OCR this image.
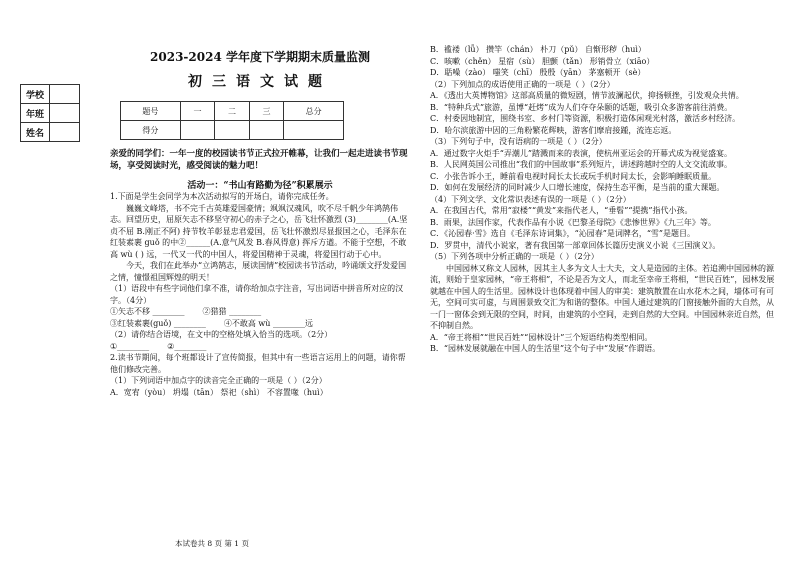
学校
年班
姓名
2023-2024 学年度下学期期末质量监测
初三语文试题
题号	一	二	三	总分
得分				
亲爱的同学们：一年一度的校园读书节正式拉开帷幕，让我们一起走进读书节现场，享受阅读时光，感受阅读的魅力吧！
活动一：“书山有路勤为径”积累展示

1.下面是学生会同学为本次活动拟写的开场白，请你完成任务。

巍巍文峰塔，书不完千古英雄爱国豪情；飒飒汉魂风，吹不尽千帆少年鸿鹄伟志。回望历史，屈原矢志不移坚守初心的赤子之心，岳飞壮怀激烈 (3)________(A.坚贞不屈 B.刚正不阿) 持节牧羊彰显忠君爱国，岳飞壮怀激烈尽显报国之心，毛泽东在红装素裹 guǒ 的中②______(A.意气风发 B.春风得意) 挥斥方遒。不能于空想，不敢高 wù ( ) 远，一代又一代的中国人，将爱国精神于灵魂，将爱国行动于心中。

今天，我们在此举办“立鸿鹄志，展读国情”校园读书节活动，吟诵颂文抒发爱国之情，憧憬祖国辉煌的明天！

（1）语段中有些字词他们拿不准，请你给加点字注音，写出词语中拼音所对应的汉字。（4分）

①矢志不移 ________ ②猎猎 ________

③红装素裹(guǒ) ________ ④不敢高 wù ________远

（2）请你结合语境，在文中的空格处填入恰当的选项。（2分）

①________ ②________

2.读书节期间，每个班都设计了宣传简报，但其中有一些语言运用上的问题，请你帮他们修改完善。

（1）下列词语中加点字的读音完全正确的一项是（ ）（2分）

A．宽宥（yòu） 坍塌（tān） 祭祀（shì） 不容置喙（huì）

B．褴褛（lǚ） 攒竿（chán） 朴刀（pǔ） 自惭形秽（huì）

C．咳嗽（chěn） 星宿（sù） 胆颤（tǎn） 形销骨立（xiāo）

D．聒噪（zào） 嗤笑（chī） 殷殷（yān） 茅塞顿开（sè）

（2）下列加点的成语使用正确的一项是（ ）（2分）

A．《透出大英博物馆》这部高质量的微短剧，情节波澜起伏，抑扬顿挫，引发观众共情。

B．“特种兵式”旅游，虽博“赶烤”成为人们夺夺朵颐的话题，吸引众多游客前往消费。

C．村委因地制宜，围绕书室、乡村门等资源，积极打造体闲观光村落，激活乡村经济。

D．哈尔滨旅游中因的三角粉繁花辉映，游客们摩肩接踵，流连忘返。

（3）下列句子中，没有语病的一项是（ ）（2分）

A．通过数字火炬手“弄潮儿”踏溅而来的表演，使杭州亚运会的开幕式成为视觉盛宴。

B．人民网英国公司推出“我们的中国故事”系列短片，讲述跨越时空的人文交流故事。

C．小张告诉小王，睡前看电视时间长太长或玩手机时间太长，会影响睡眠质量。

D．如何在发展经济的同时减少人口增长速度，保持生态平衡，是当前的重大课题。

（4）下列文学、文化常识表述有误的一项是（ ）（2分）

A．在我国古代，常用“寂楼”“黄发”来指代老人，“垂髫”“提携”指代小孩。

B．雨果，法国作家，代表作品有小说《巴黎圣母院》《悲惨世界》《九三年》等。

C．《沁园春·雪》选自《毛泽东诗词集》，“沁园春”是词牌名，“雪”是题目。

D．罗贯中，清代小说家，著有我国第一部章回体长篇历史演义小说《三国演义》。

（5）下列各项中分析正确的一项是（ ）（2分）

中国园林又称文人园林，因其主人多为文人士大夫，文人是造园的主体。若追溯中国园林的源流，则始于皇家园林，“帝王将相”，不论是否为文人，而北至幸帝王将相，“世民百姓”，园林发展就越在中国人的生活里。园林设计也体现着中国人的审美：建筑散置在山水花木之间，墙体可有可无，空间可实可虚，与周围景致交汇为和谐的整体。中国人通过建筑的门窗接触外面的大自然，从一门一窗体会到无限的空间，时间，由建筑的小空间，走到自然的大空间。中国园林亲近自然，但不抑制自然。

A．“帝王将相”“世民百姓”“园林设计”三个短语结构类型相同。

B．“园林发展就融在中国人的生活里”这个句子中“发展”作谓语。

本试卷共 8 页 第 1 页
